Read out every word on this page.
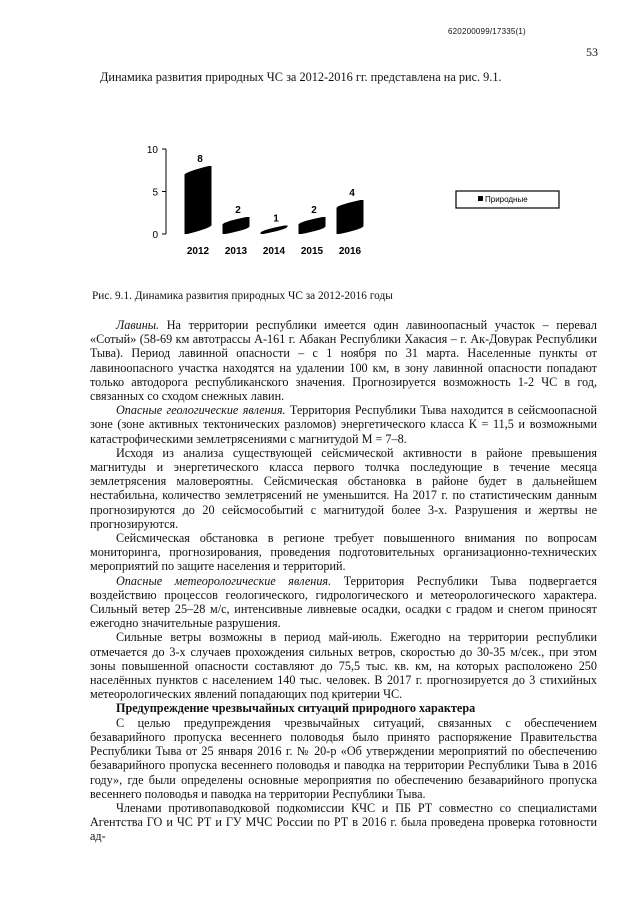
620200099/17335(1)
53
Динамика развития природных ЧС за 2012-2016 гг. представлена на рис. 9.1.
0
5
10
8
2012
2
2013
1
2014
2
2015
4
2016
Природные
Рис. 9.1. Динамика развития природных ЧС за 2012-2016 годы

Лавины. На территории республики имеется один лавиноопасный участок – перевал «Сотый» (58-69 км автотрассы А-161 г. Абакан Республики Хакасия – г. Ак-Довурак Республики Тыва). Период лавинной опасности – с 1 ноября по 31 марта. Населенные пункты от лавиноопасного участка находятся на удалении 100 км, в зону лавинной опасности попадают только автодорога республиканского значения. Прогнозируется возможность 1-2 ЧС в год, связанных со сходом снежных лавин.

Опасные геологические явления. Территория Республики Тыва находится в сейсмоопасной зоне (зоне активных тектонических разломов) энергетического класса К = 11,5 и возможными катастрофическими землетрясениями с магнитудой М = 7–8.

Исходя из анализа существующей сейсмической активности в районе превышения магнитуды и энергетического класса первого толчка последующие в течение месяца землетрясения маловероятны. Сейсмическая обстановка в районе будет в дальнейшем нестабильна, количество землетрясений не уменьшится. На 2017 г. по статистическим данным прогнозируются до 20 сейсмособытий с магнитудой более 3-х. Разрушения и жертвы не прогнозируются.

Сейсмическая обстановка в регионе требует повышенного внимания по вопросам мониторинга, прогнозирования, проведения подготовительных организационно-технических мероприятий по защите населения и территорий.

Опасные метеорологические явления. Территория Республики Тыва подвергается воздействию процессов геологического, гидрологического и метеорологического характера. Сильный ветер 25–28 м/с, интенсивные ливневые осадки, осадки с градом и снегом приносят ежегодно значительные разрушения.

Сильные ветры возможны в период май-июль. Ежегодно на территории республики отмечается до 3-х случаев прохождения сильных ветров, скоростью до 30-35 м/сек., при этом зоны повышенной опасности составляют до 75,5 тыс. кв. км, на которых расположено 250 населённых пунктов с населением 140 тыс. человек. В 2017 г. прогнозируется до 3 стихийных метеорологических явлений попадающих под критерии ЧС.

Предупреждение чрезвычайных ситуаций природного характера

С целью предупреждения чрезвычайных ситуаций, связанных с обеспечением безаварийного пропуска весеннего половодья было принято распоряжение Правительства Республики Тыва от 25 января 2016 г. № 20-р «Об утверждении мероприятий по обеспечению безаварийного пропуска весеннего половодья и паводка на территории Республики Тыва в 2016 году», где были определены основные мероприятия по обеспечению безаварийного пропуска весеннего половодья и паводка на территории Республики Тыва.

Членами противопаводковой подкомиссии КЧС и ПБ РТ совместно со специалистами Агентства ГО и ЧС РТ и ГУ МЧС России по РТ в 2016 г. была проведена проверка готовности ад-
